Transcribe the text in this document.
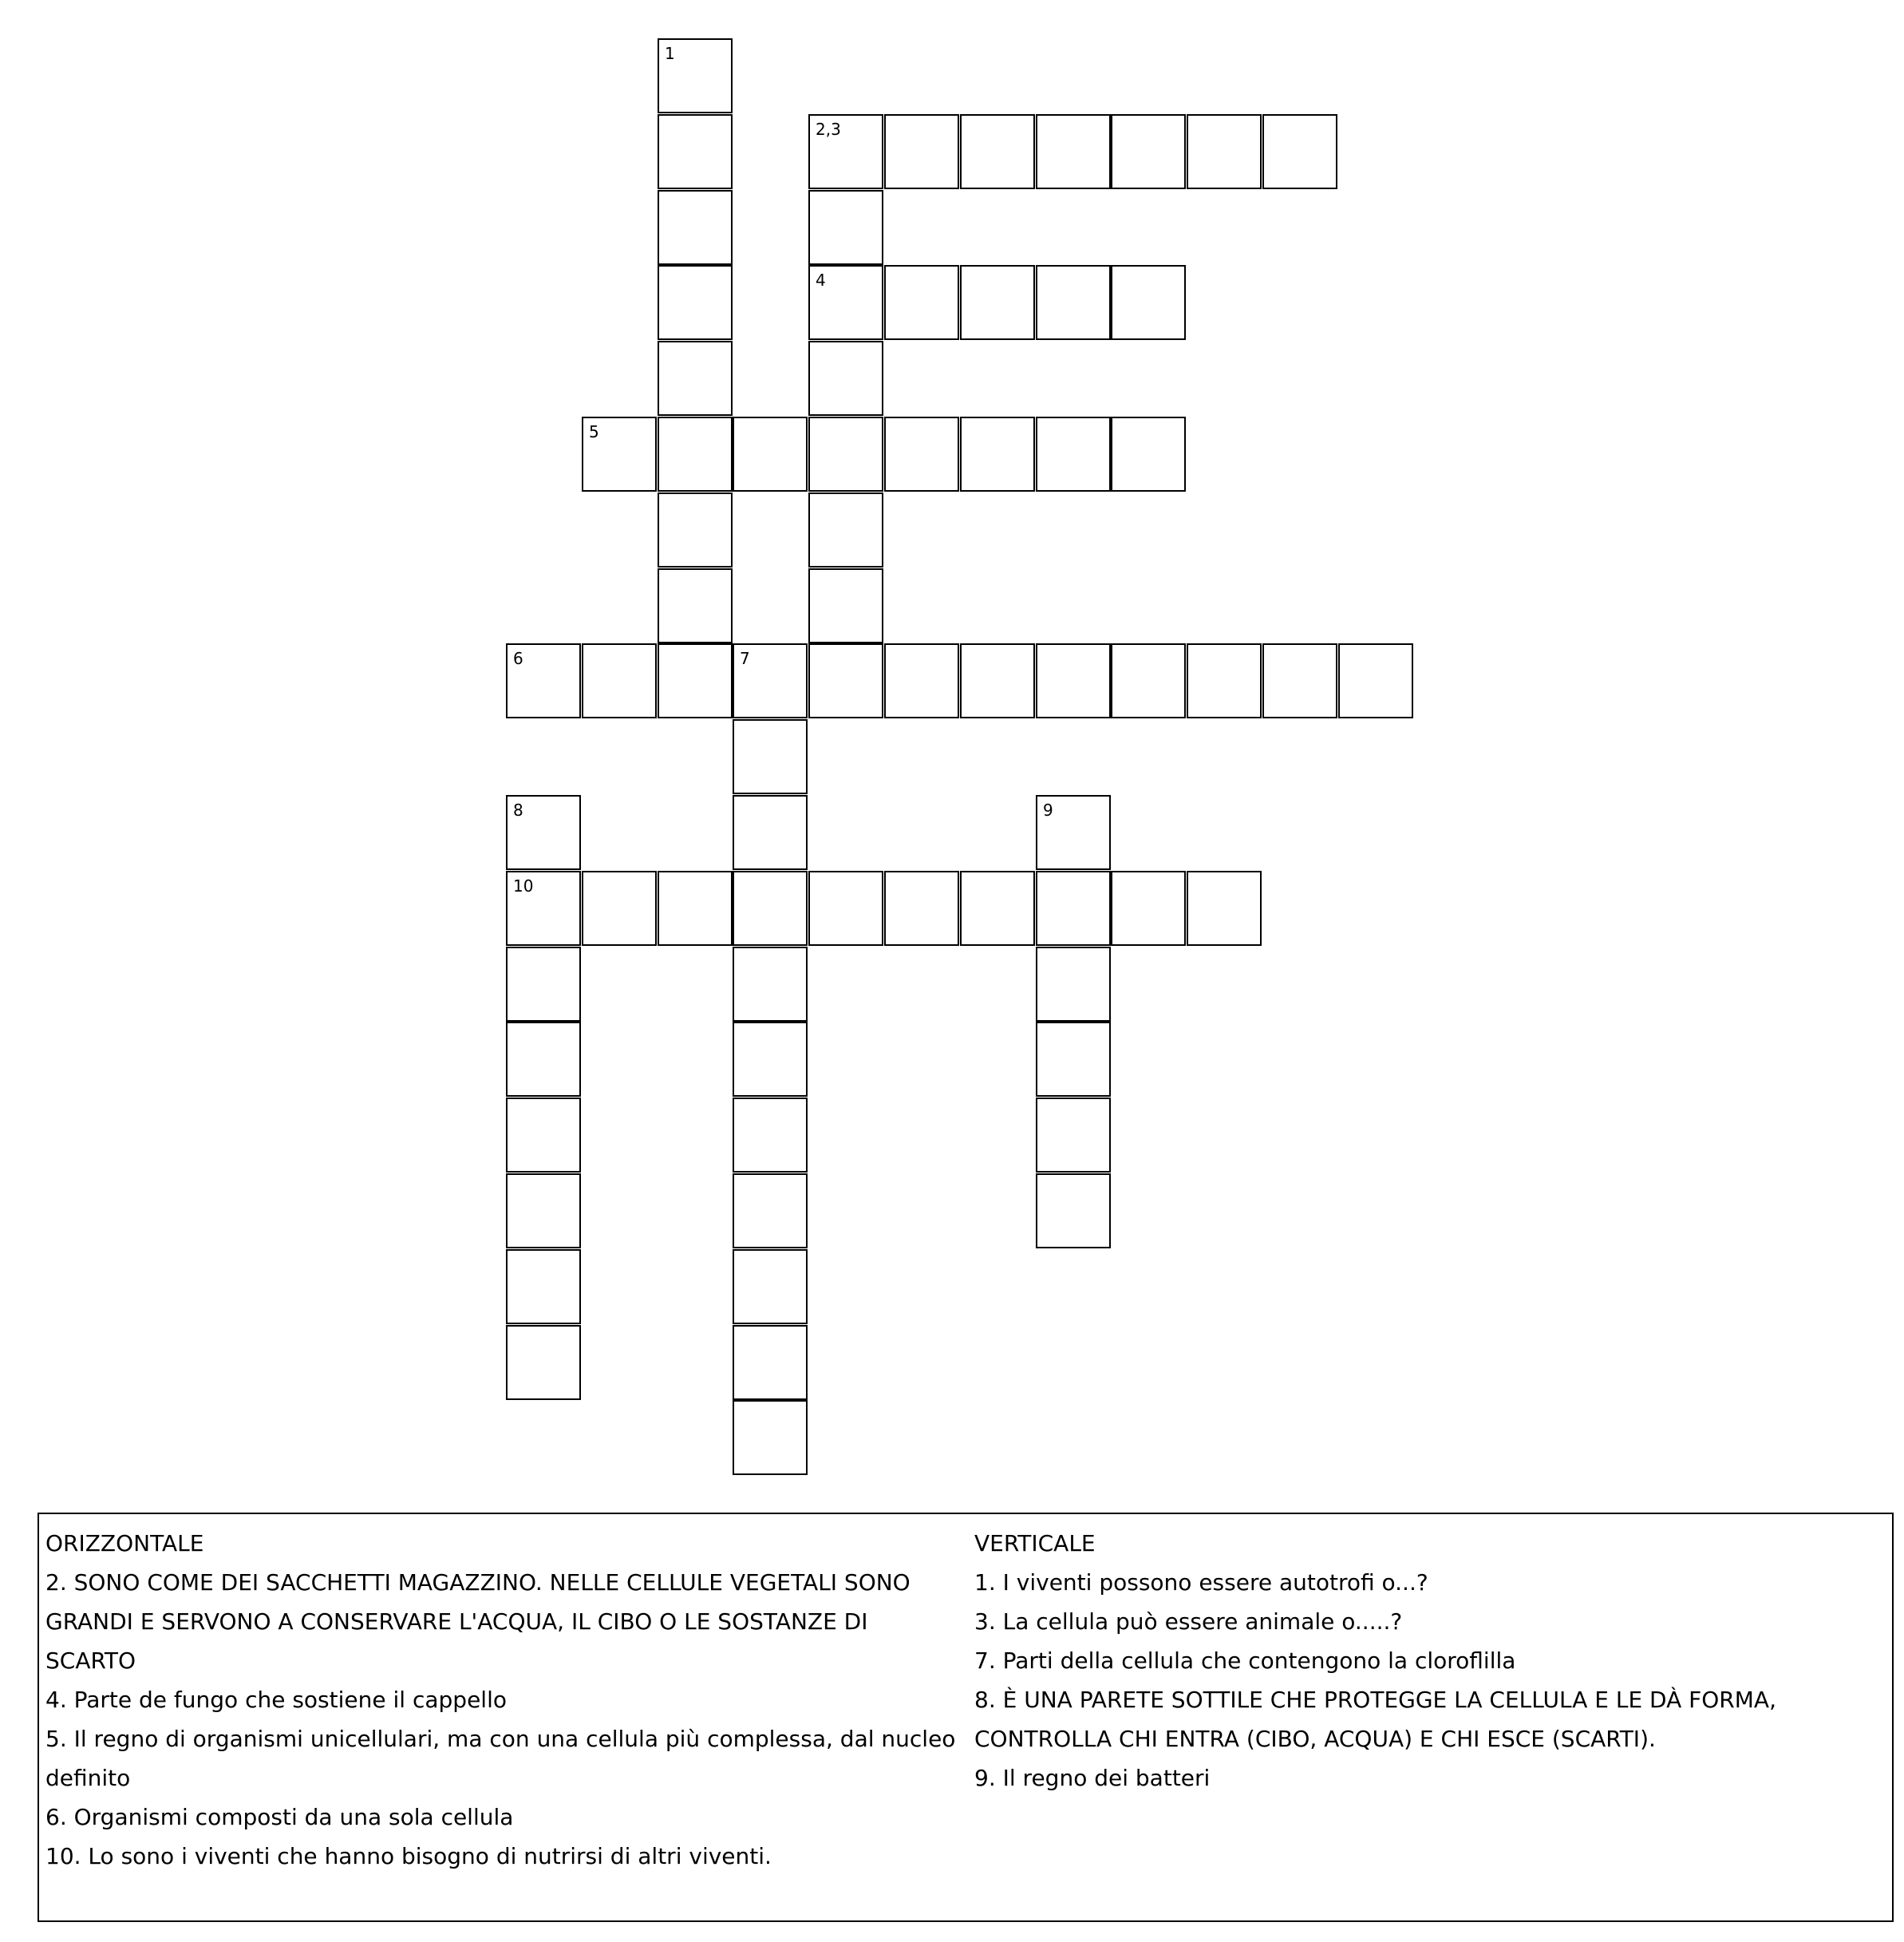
1
2,3
4
5
6	7
8	9
10
ORIZZONTALE
2. SONO COME DEI SACCHETTI MAGAZZINO. NELLE CELLULE VEGETALI SONO
GRANDI E SERVONO A CONSERVARE L'ACQUA, IL CIBO O LE SOSTANZE DI
SCARTO
4. Parte de fungo che sostiene il cappello
5. Il regno di organismi unicellulari, ma con una cellula più complessa, dal nucleo
definito
6. Organismi composti da una sola cellula
10. Lo sono i viventi che hanno bisogno di nutrirsi di altri viventi.
VERTICALE
1. I viventi possono essere autotrofi o...?
3. La cellula può essere animale o.....?
7. Parti della cellula che contengono la cloroflilla
8. È UNA PARETE SOTTILE CHE PROTEGGE LA CELLULA E LE DÀ FORMA,
CONTROLLA CHI ENTRA (CIBO, ACQUA) E CHI ESCE (SCARTI).
9. Il regno dei batteri
